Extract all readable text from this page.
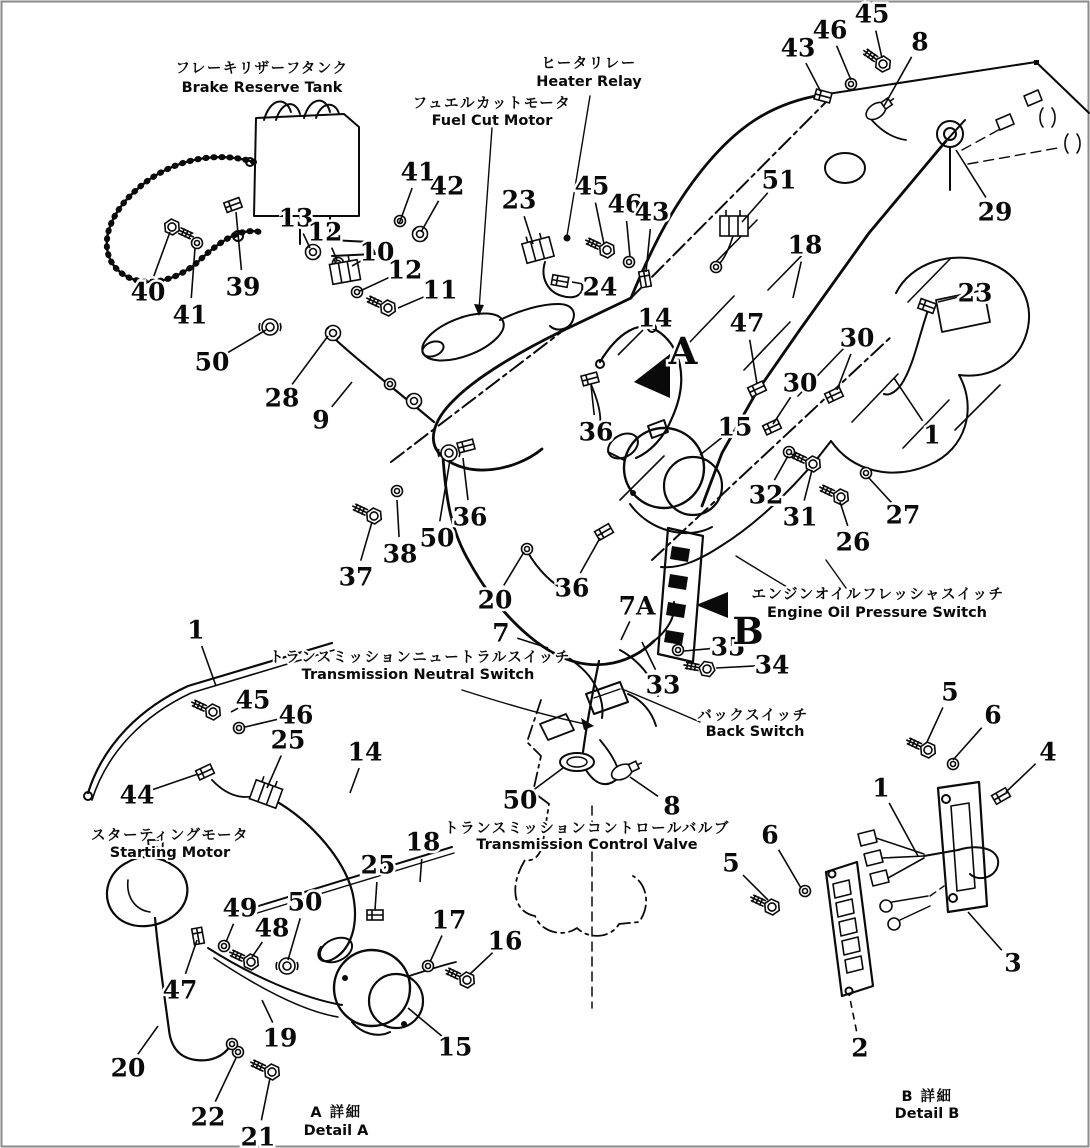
41
42
13
12
10
12
11
40
41
39
50
28
9
23 45
46
43
24
51
18
43
46
45
8
29
23
47
30
30
1
32
31
26
27
14
36	15
37
38
50
36
20 36
7A
7	35
34
33
8
50
1
45
46
25
44
14
18
25
17
16
49
48
50
47
19	15
20
22
21
5
6
4
1
6
5
3
2
フレーキリザーフタンク
Brake Reserve Tank
ヒータリレー
Heater Relay
フュエルカットモータ
Fuel Cut Motor
エンジンオイルフレッシャスイッチ
Engine Oil Pressure Switch
トランスミッションニュートラルスイッチ
Transmission Neutral Switch
バックスイッチ
Back Switch
トランスミッションコントロールバルブ
Transmission Control Valve
スターティングモータ
Starting Motor
A 詳細
Detail A
B 詳細
Detail B
A
B
